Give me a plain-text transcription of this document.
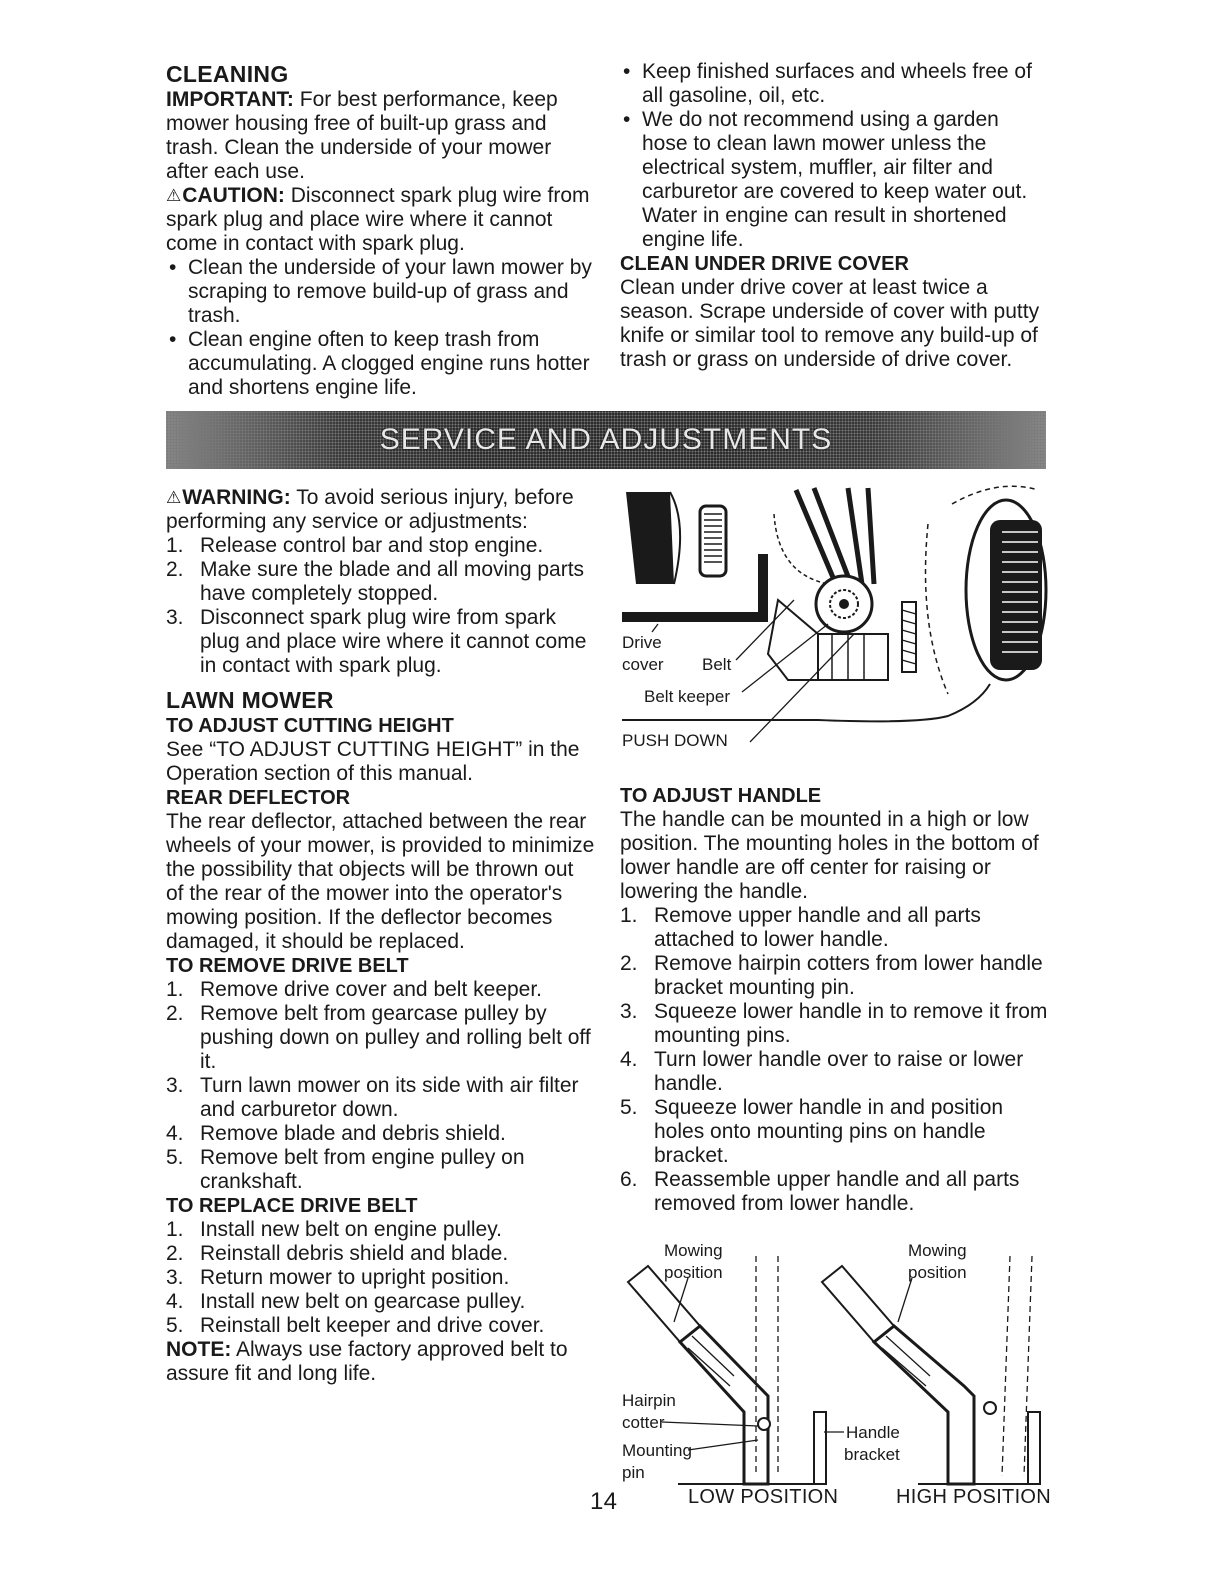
CLEANING

IMPORTANT: For best performance, keep mower housing free of built-up grass and trash. Clean the underside of your mower after each use.

⚠CAUTION: Disconnect spark plug wire from spark plug and place wire where it cannot come in contact with spark plug.

• Clean the underside of your lawn mower by scraping to remove build-up of grass and trash.
• Clean engine often to keep trash from accumulating. A clogged engine runs hotter and shortens engine life.
• Keep finished surfaces and wheels free of all gasoline, oil, etc.
• We do not recommend using a garden hose to clean lawn mower unless the electrical system, muffler, air filter and carburetor are covered to keep water out. Water in engine can result in shortened engine life.
CLEAN UNDER DRIVE COVER

Clean under drive cover at least twice a season. Scrape underside of cover with putty knife or similar tool to remove any build-up of trash or grass on underside of drive cover.

SERVICE AND ADJUSTMENTS

⚠WARNING: To avoid serious injury, before performing any service or adjustments:

1. Release control bar and stop engine.
2. Make sure the blade and all moving parts have completely stopped.
3. Disconnect spark plug wire from spark plug and place wire where it cannot come in contact with spark plug.
LAWN MOWER
TO ADJUST CUTTING HEIGHT

See “TO ADJUST CUTTING HEIGHT” in the Operation section of this manual.

REAR DEFLECTOR

The rear deflector, attached between the rear wheels of your mower, is provided to minimize the possibility that objects will be thrown out of the rear of the mower into the operator's mowing position. If the deflector becomes damaged, it should be replaced.

TO REMOVE DRIVE BELT
1. Remove drive cover and belt keeper.
2. Remove belt from gearcase pulley by pushing down on pulley and rolling belt off it.
3. Turn lawn mower on its side with air filter and carburetor down.
4. Remove blade and debris shield.
5. Remove belt from engine pulley on crankshaft.
TO REPLACE DRIVE BELT
1. Install new belt on engine pulley.
2. Reinstall debris shield and blade.
3. Return mower to upright position.
4. Install new belt on gearcase pulley.
5. Reinstall belt keeper and drive cover.

NOTE: Always use factory approved belt to assure fit and long life.

Drive
cover Belt
Belt keeper
PUSH DOWN
TO ADJUST HANDLE

The handle can be mounted in a high or low position. The mounting holes in the bottom of lower handle are off center for raising or lowering the handle.

1. Remove upper handle and all parts attached to lower handle.
2. Remove hairpin cotters from lower handle bracket mounting pin.
3. Squeeze lower handle in to remove it from mounting pins.
4. Turn lower handle over to raise or lower handle.
5. Squeeze lower handle in and position holes onto mounting pins on handle bracket.
6. Reassemble upper handle and all parts removed from lower handle.
Mowing
position
Mowing
position
Hairpin
cotter
Mounting
pin
Handle
bracket
14	LOW POSITION	HIGH POSITION
